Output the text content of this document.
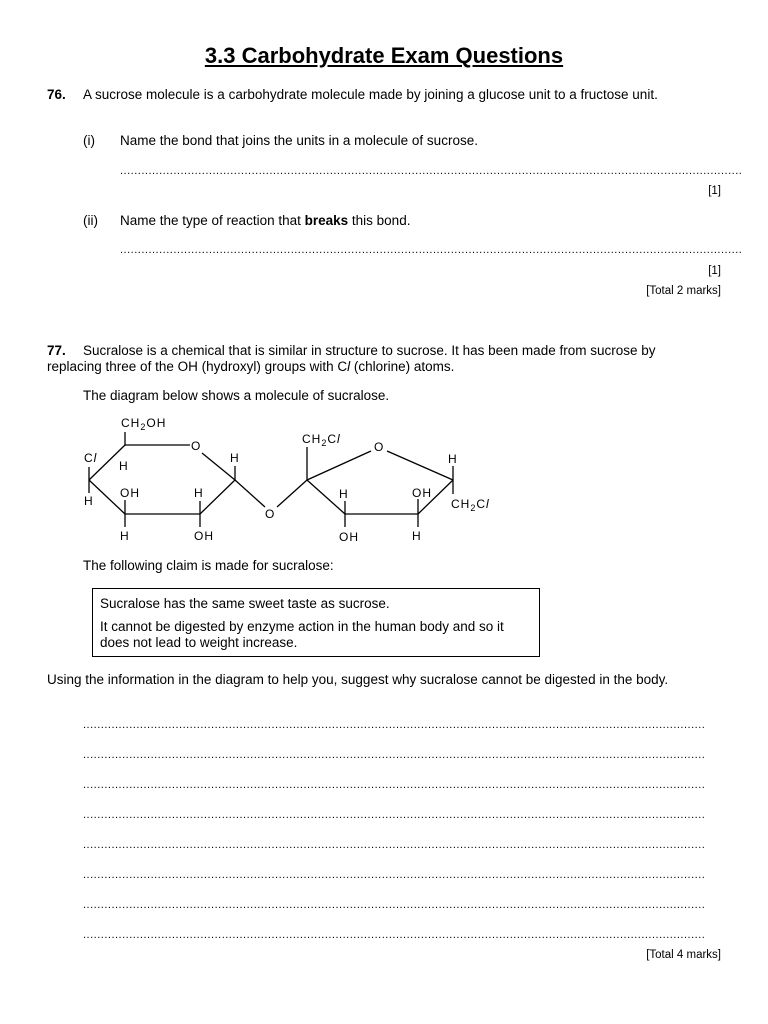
3.3 Carbohydrate Exam Questions
76. A sucrose molecule is a carbohydrate molecule made by joining a glucose unit to a fructose unit.
(i) Name the bond that joins the units in a molecule of sucrose.
...............................................................................................................................................................................
[1]
(ii) Name the type of reaction that breaks this bond.
...............................................................................................................................................................................
[1]
[Total 2 marks]
77.	Sucralose is a chemical that is similar in structure to sucrose. It has been made from sucrose by replacing three of the OH (hydroxyl) groups with Cl (chlorine) atoms.
The diagram below shows a molecule of sucralose.
$CH_2OH$
O
Cl
H
H
H
OH	H
H	OH
O
$CH_2Cl$
O
H
H	OH
$CH_2Cl$
OH	H
The following claim is made for sucralose:

Sucralose has the same sweet taste as sucrose.

It cannot be digested by enzyme action in the human body and so it does not lead to weight increase.

Using the information in the diagram to help you, suggest why sucralose cannot be digested in the body.
...............................................................................................................................................................................
...............................................................................................................................................................................
...............................................................................................................................................................................
...............................................................................................................................................................................
...............................................................................................................................................................................
...............................................................................................................................................................................
...............................................................................................................................................................................
...............................................................................................................................................................................
[Total 4 marks]
